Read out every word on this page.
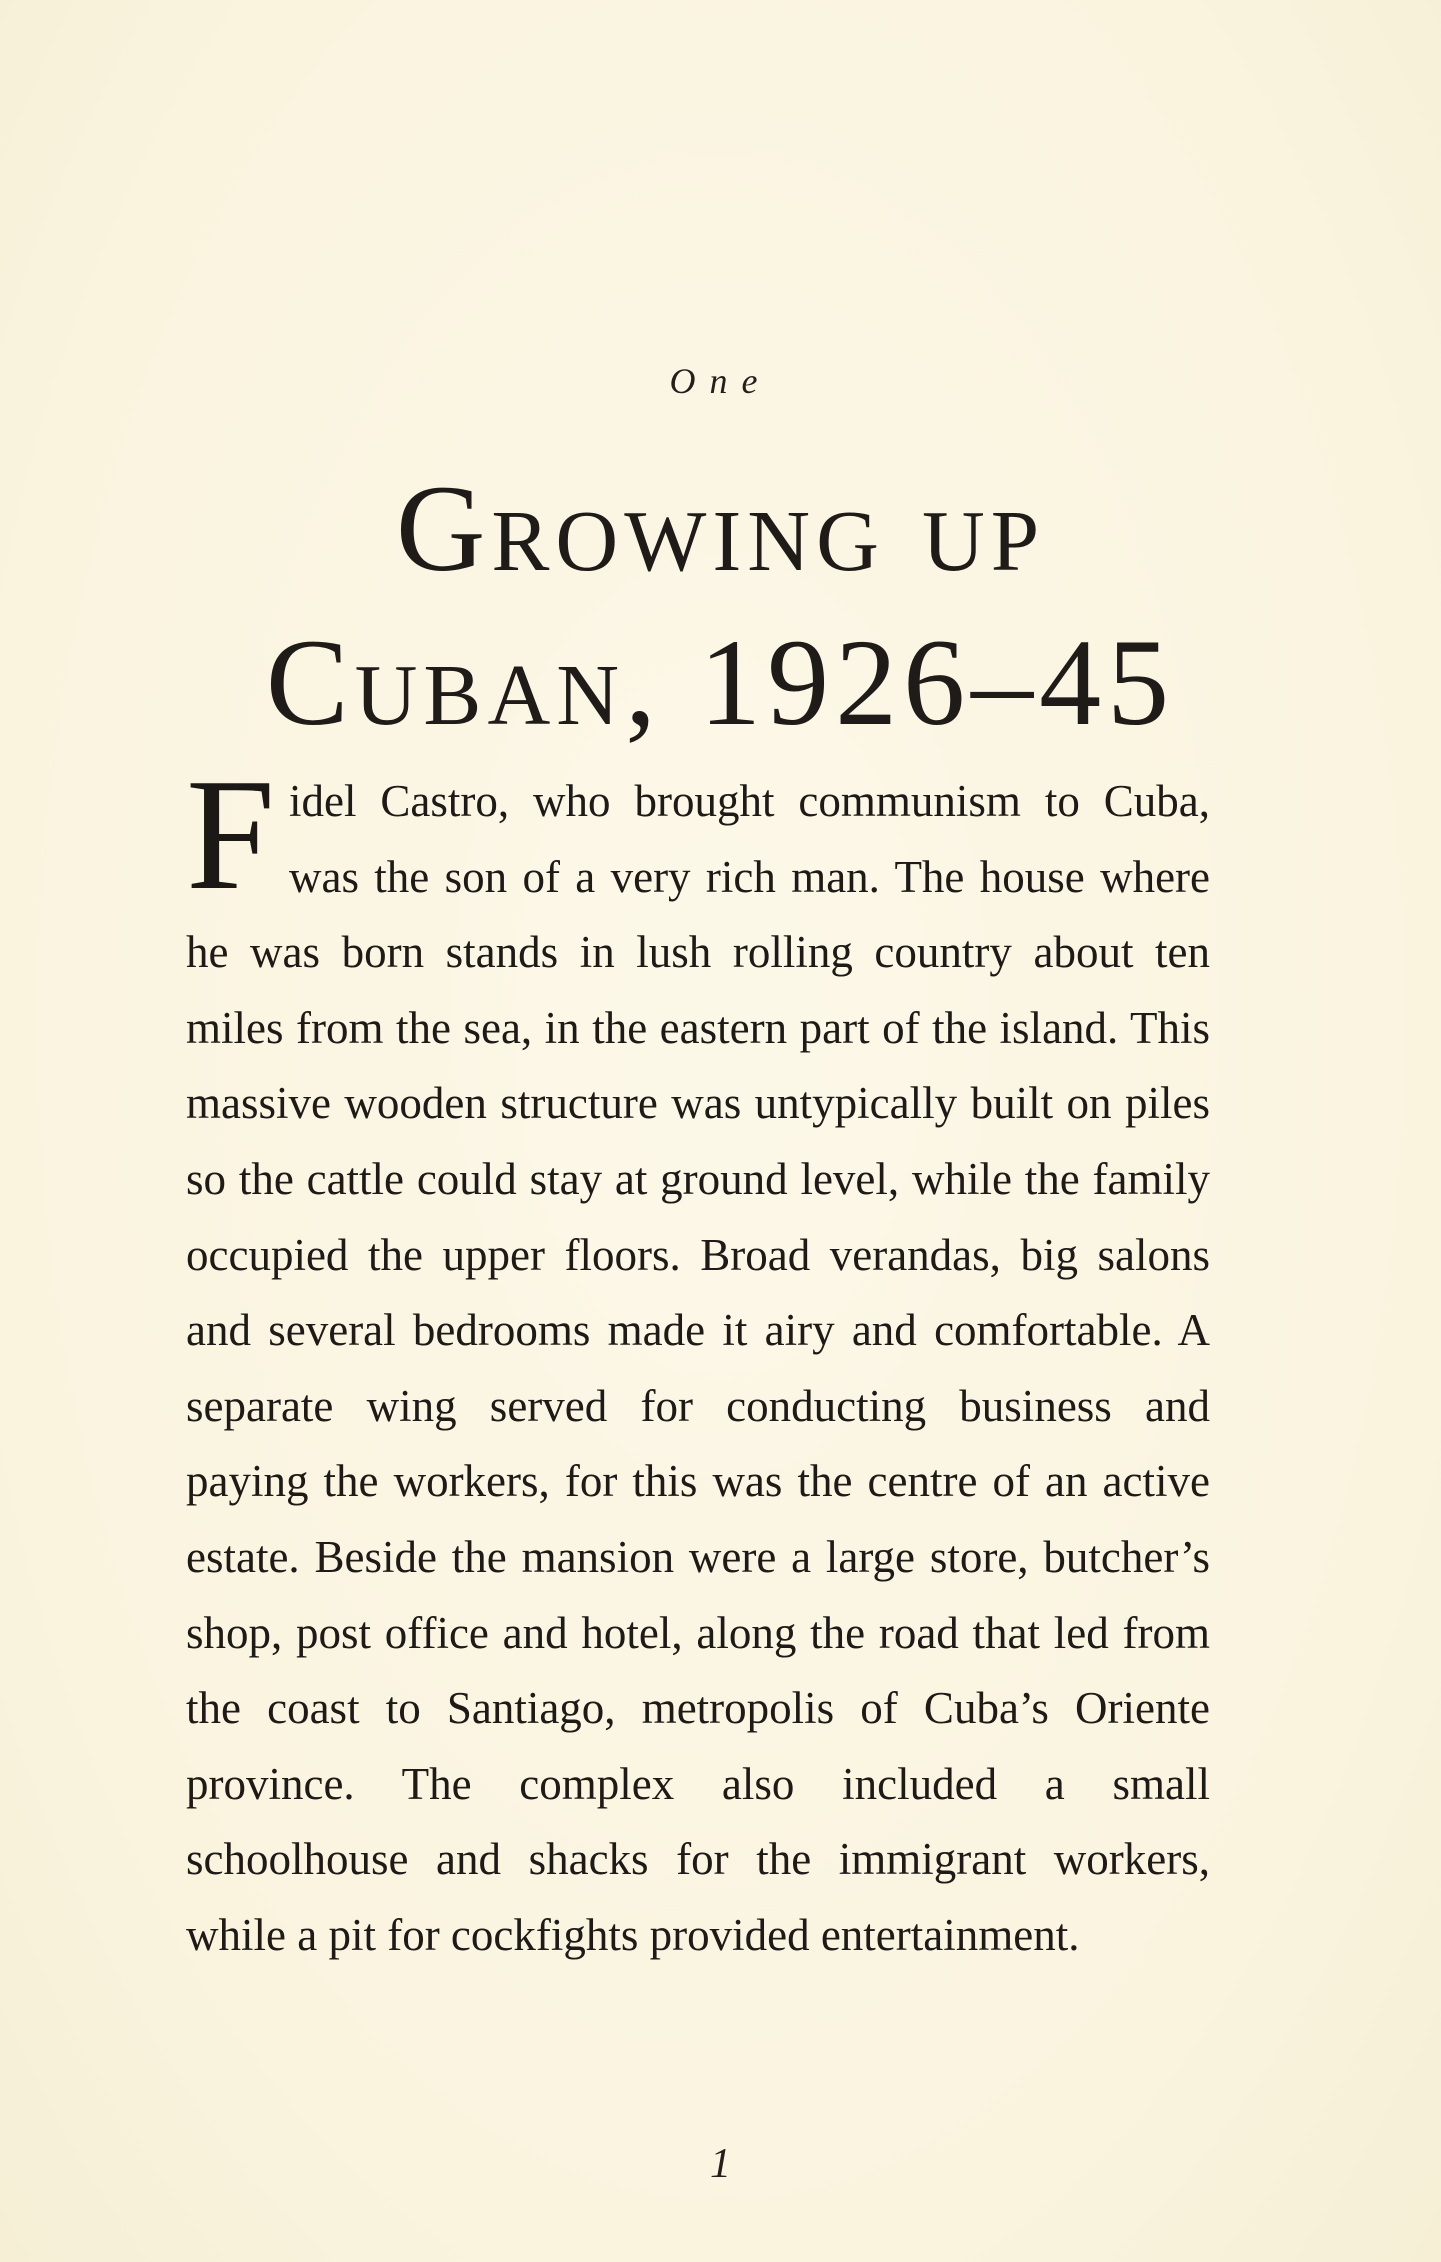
One
Growing up
Cuban, 1926–45

Fidel Castro, who brought communism to Cuba, was the son of a very rich man. The house where he was born stands in lush rolling country about ten miles from the sea, in the eastern part of the island. This massive wooden structure was untypically built on piles so the cattle could stay at ground level, while the family occupied the upper floors. Broad verandas, big salons and several bedrooms made it airy and comfortable. A separate wing served for conducting business and paying the workers, for this was the centre of an active estate. Beside the mansion were a large store, butcher’s shop, post office and hotel, along the road that led from the coast to Santiago, metropolis of Cuba’s Oriente province. The complex also included a small schoolhouse and shacks for the immigrant workers, while a pit for cockfights provided entertainment.

1
